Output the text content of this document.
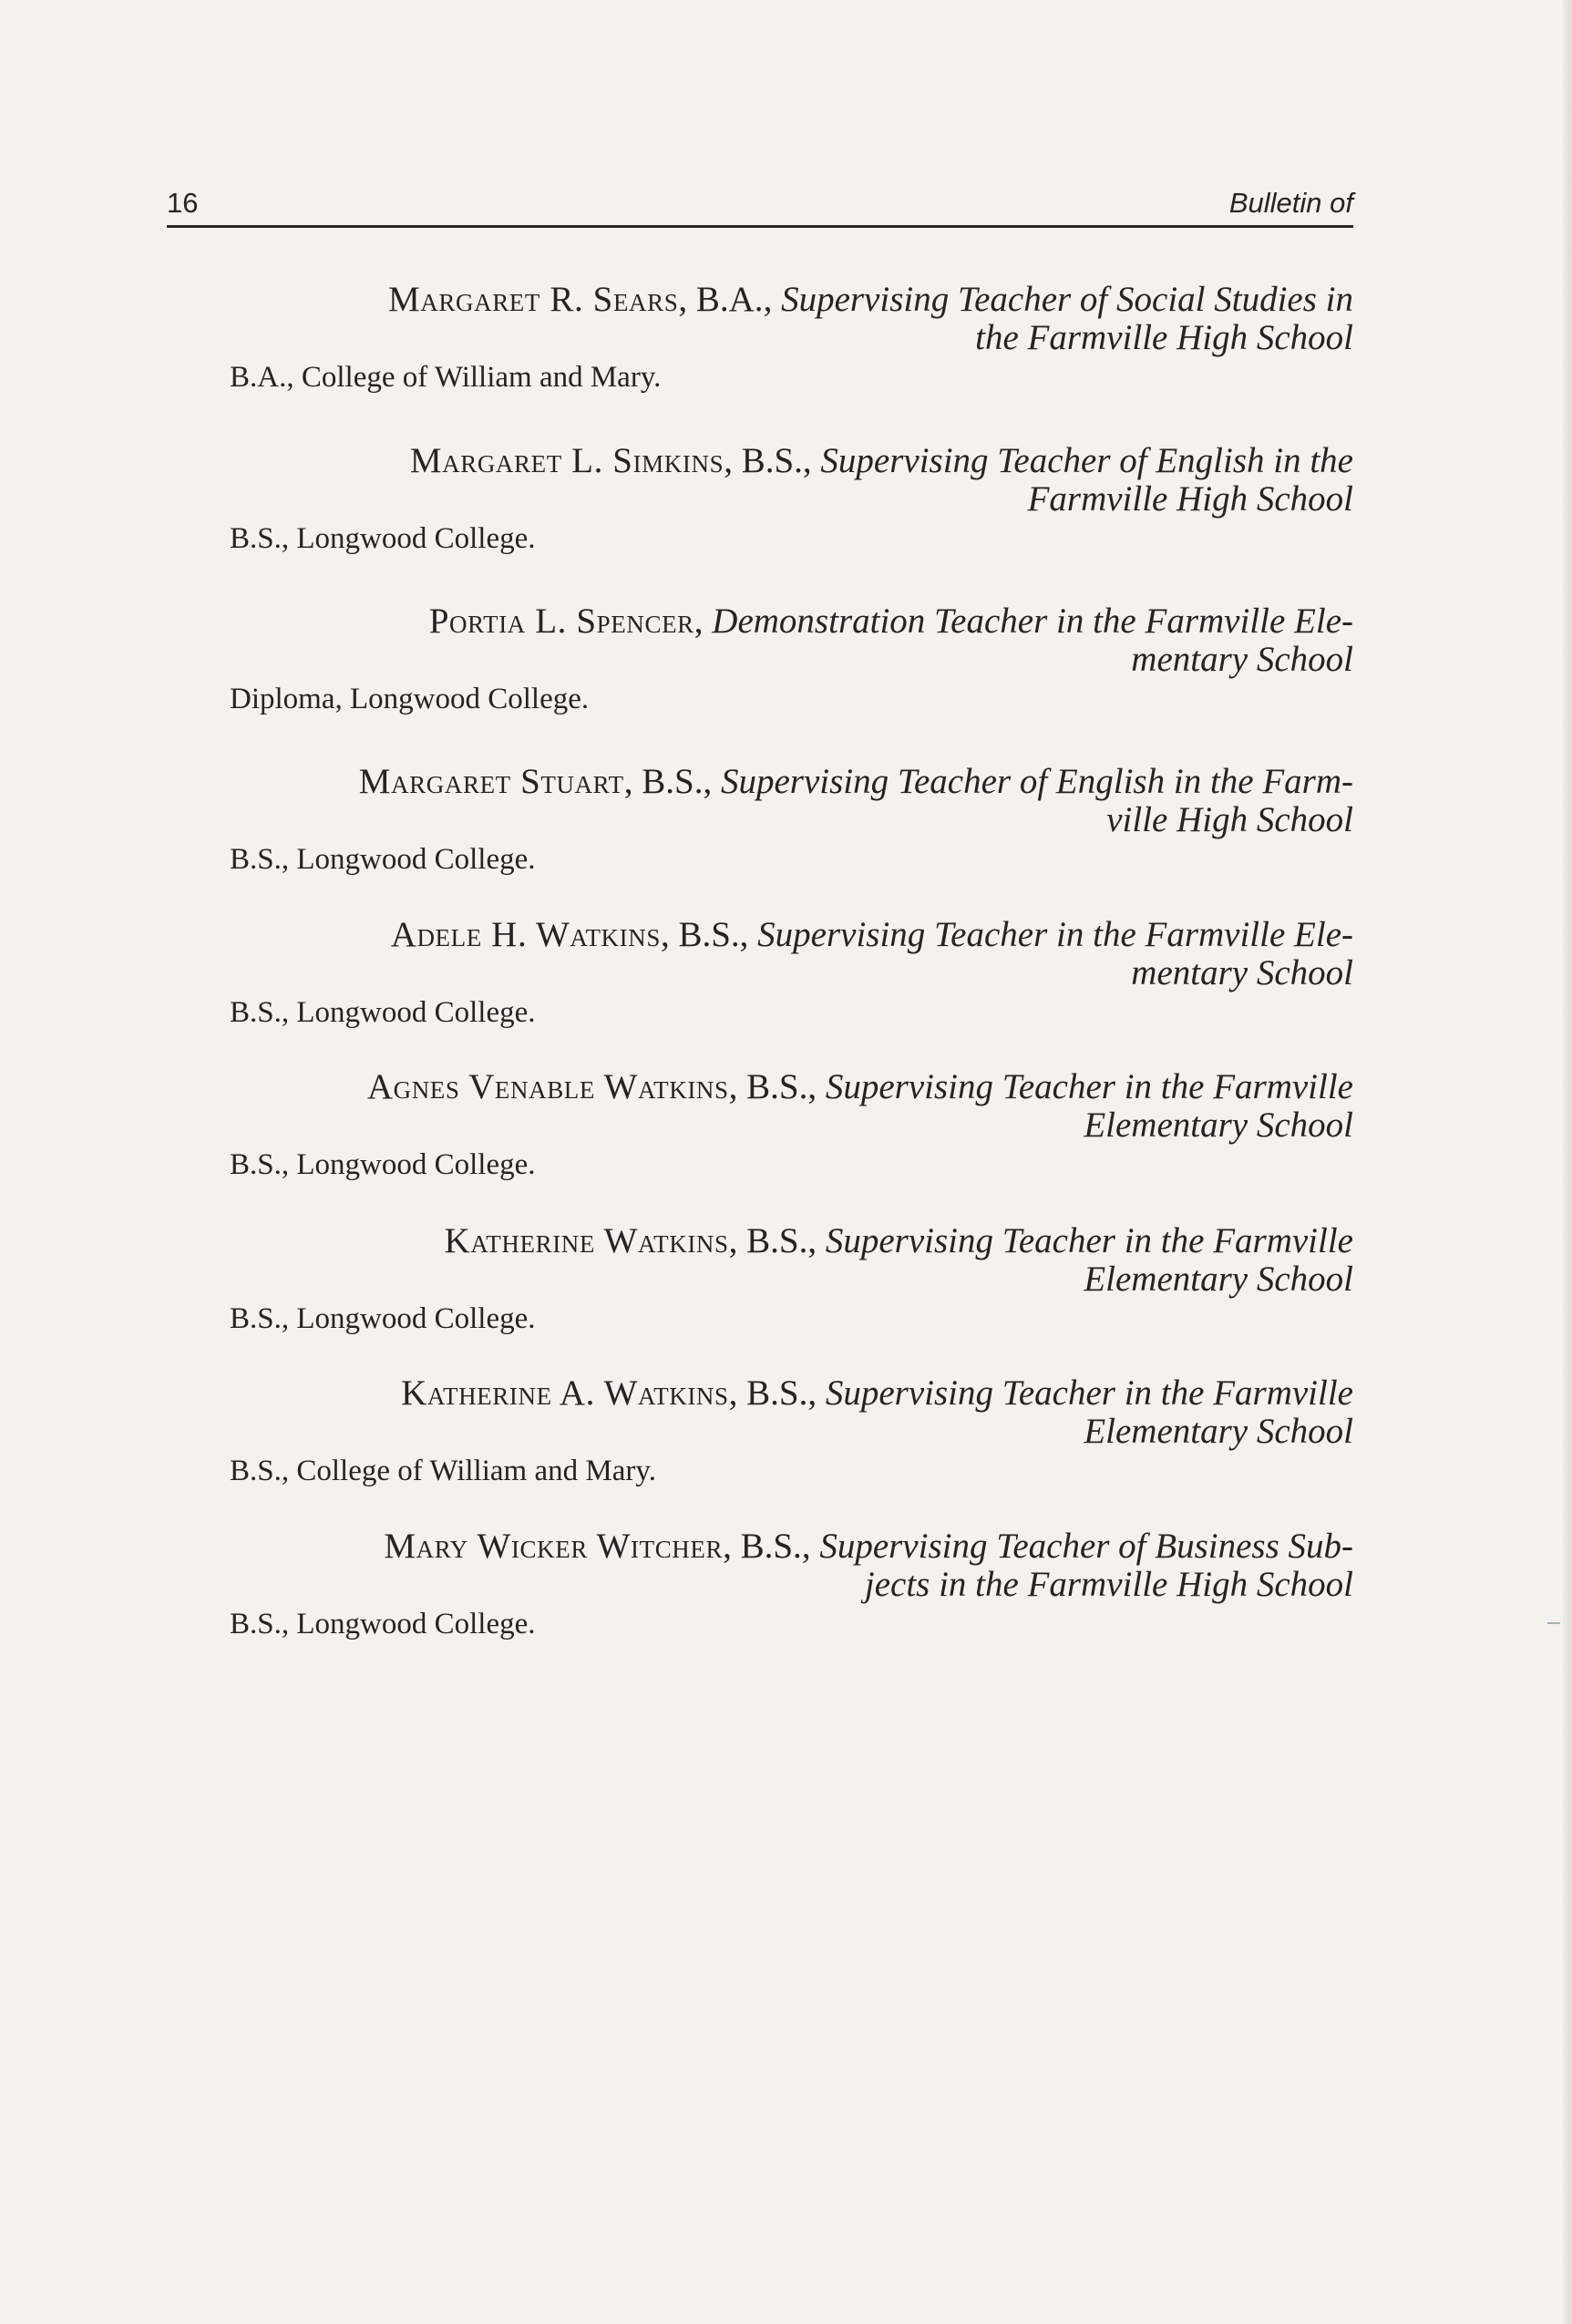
16	Bulletin of
Margaret R. Sears, B.A., Supervising Teacher of Social Studies in
the Farmville High School
B.A., College of William and Mary.
Margaret L. Simkins, B.S., Supervising Teacher of English in the
Farmville High School
B.S., Longwood College.
Portia L. Spencer, Demonstration Teacher in the Farmville Ele-
mentary School
Diploma, Longwood College.
Margaret Stuart, B.S., Supervising Teacher of English in the Farm-
ville High School
B.S., Longwood College.
Adele H. Watkins, B.S., Supervising Teacher in the Farmville Ele-
mentary School
B.S., Longwood College.
Agnes Venable Watkins, B.S., Supervising Teacher in the Farmville
Elementary School
B.S., Longwood College.
Katherine Watkins, B.S., Supervising Teacher in the Farmville
Elementary School
B.S., Longwood College.
Katherine A. Watkins, B.S., Supervising Teacher in the Farmville
Elementary School
B.S., College of William and Mary.
Mary Wicker Witcher, B.S., Supervising Teacher of Business Sub-
jects in the Farmville High School
B.S., Longwood College.
